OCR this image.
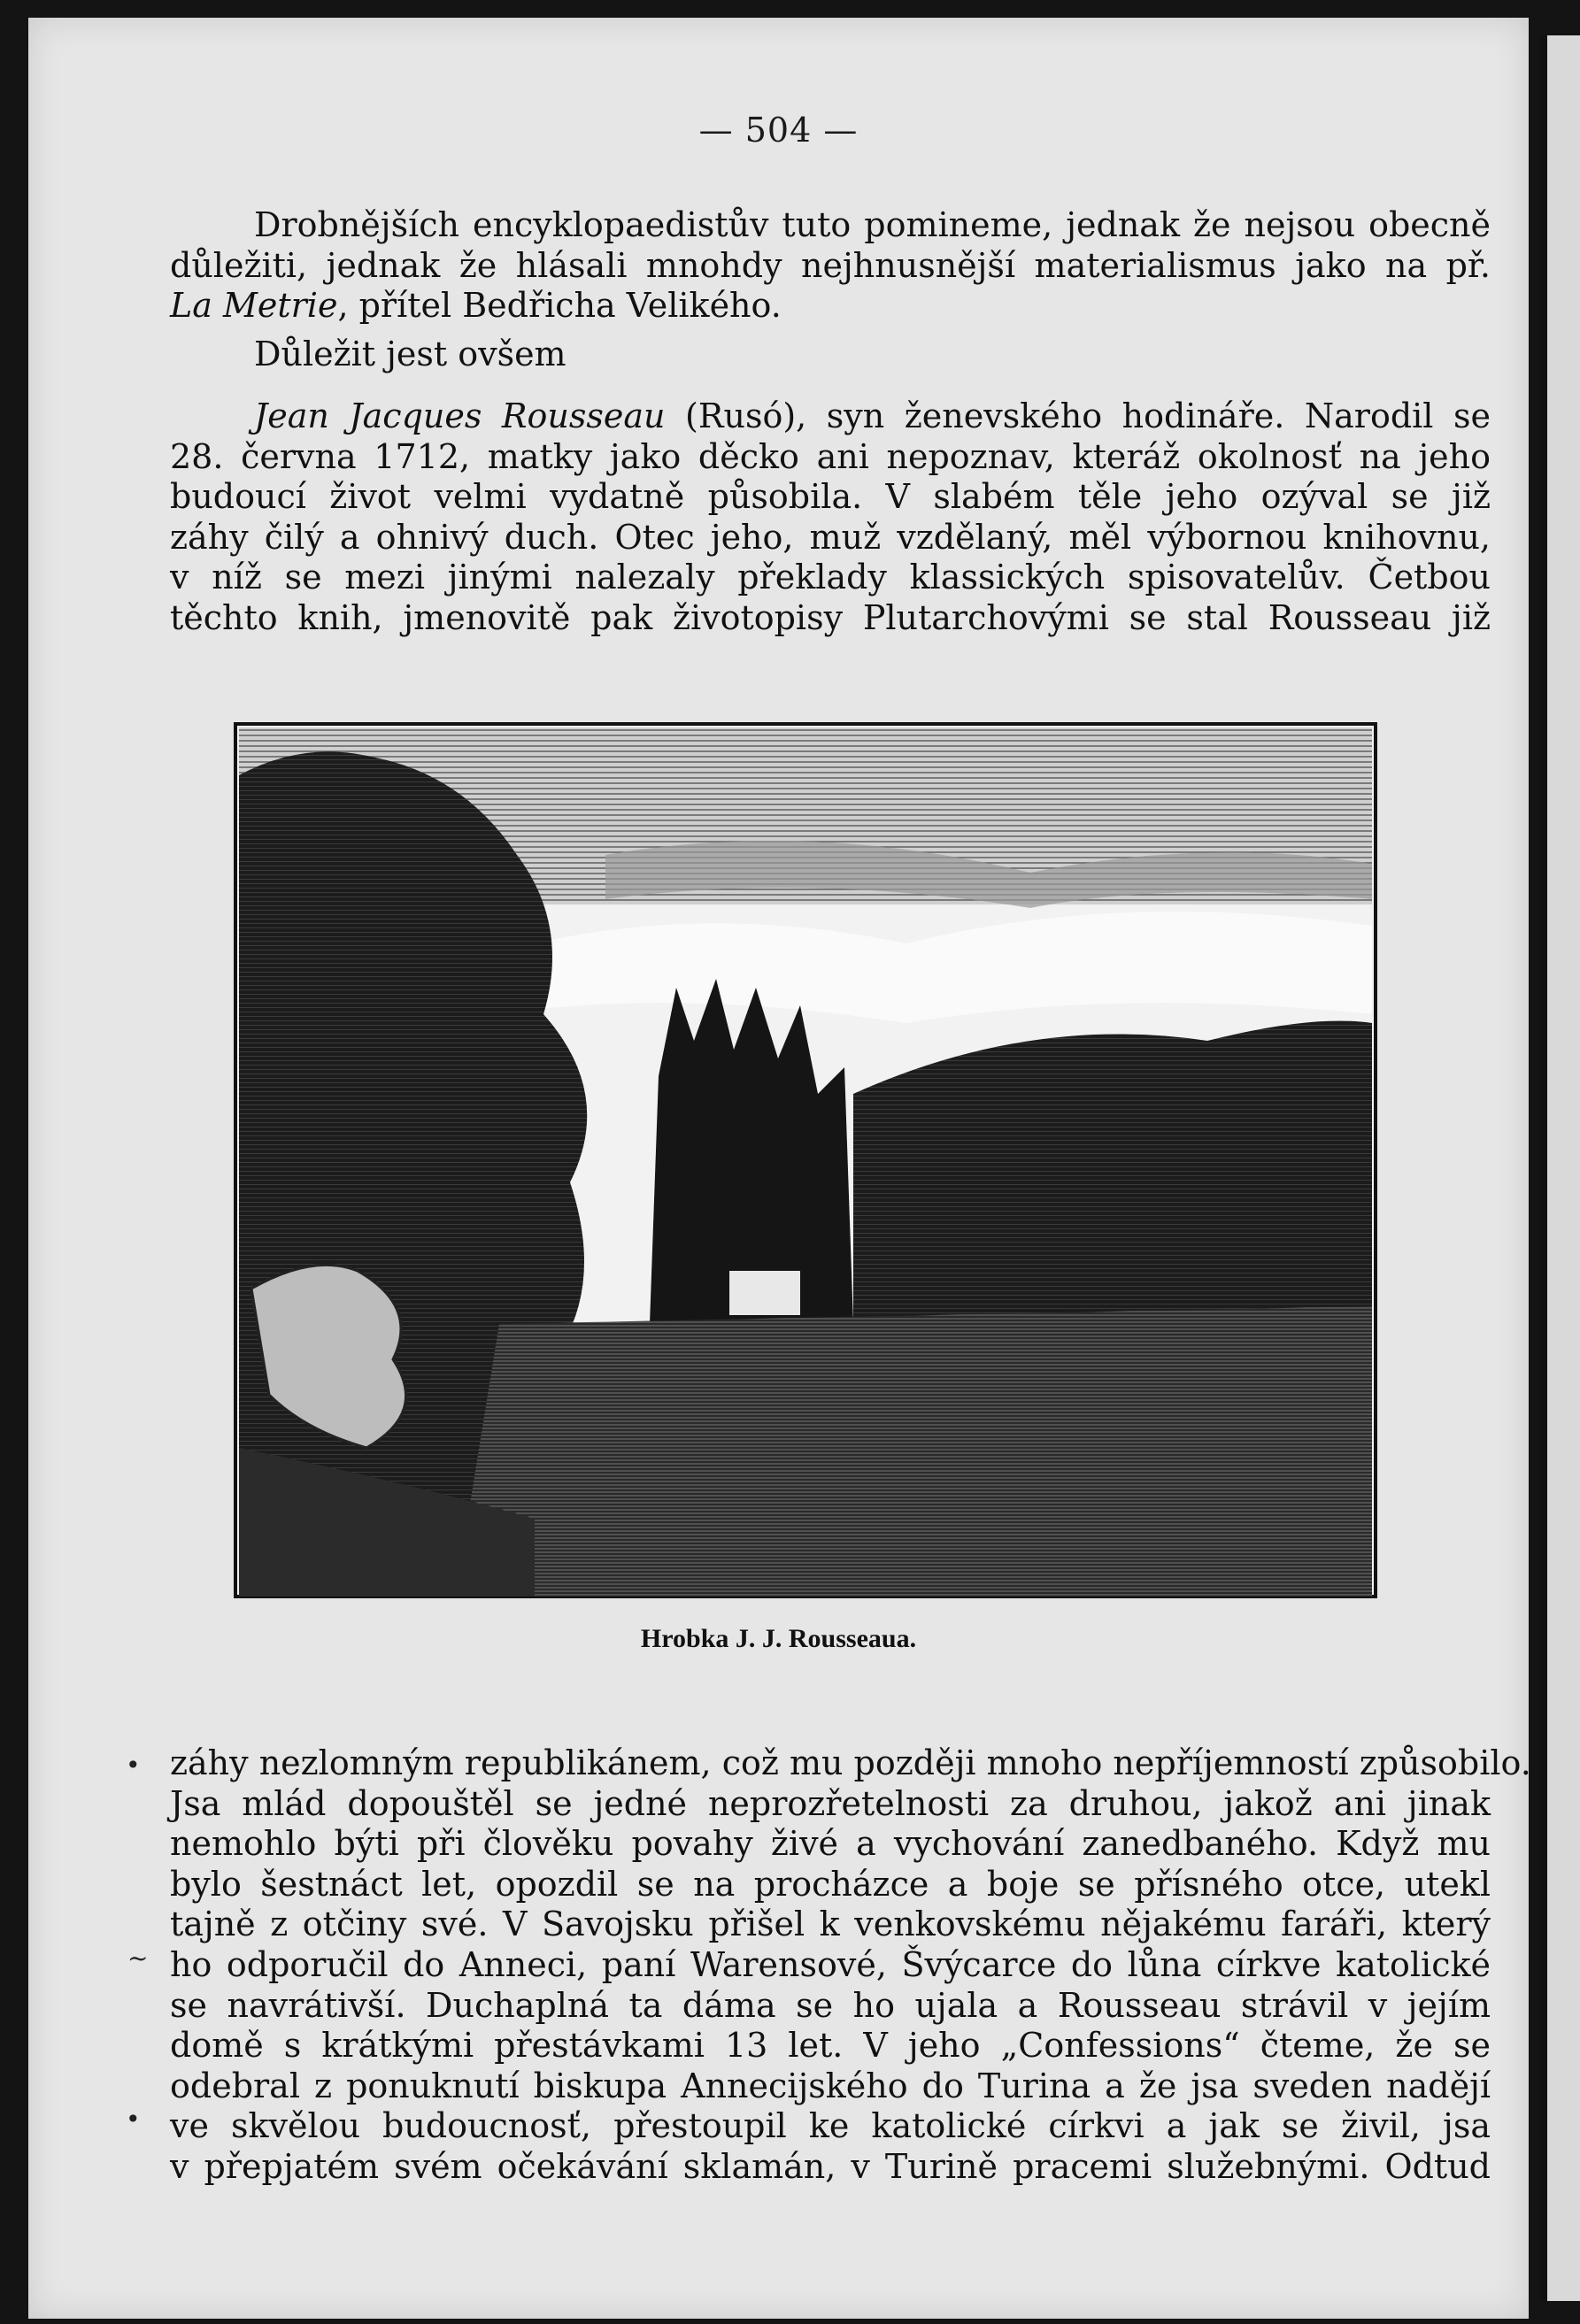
— 504 —
Drobnějších encyklopaedistův tuto pomineme, jednak že nejsou obecně
důležiti, jednak že hlásali mnohdy nejhnusnější materialismus jako na př.
La Metrie, přítel Bedřicha Velikého.
Důležit jest ovšem
Jean Jacques Rousseau (Rusó), syn ženevského hodináře. Narodil se
28. června 1712, matky jako děcko ani nepoznav, kteráž okolnosť na jeho
budoucí život velmi vydatně působila. V slabém těle jeho ozýval se již
záhy čilý a ohnivý duch. Otec jeho, muž vzdělaný, měl výbornou knihovnu,
v níž se mezi jinými nalezaly překlady klassických spisovatelův. Četbou
těchto knih, jmenovitě pak životopisy Plutarchovými se stal Rousseau již
Hrobka J. J. Rousseaua.
•
~
•
záhy nezlomným republikánem, což mu později mnoho nepříjemností způsobilo.
Jsa mlád dopouštěl se jedné neprozřetelnosti za druhou, jakož ani jinak
nemohlo býti při člověku povahy živé a vychování zanedbaného. Když mu
bylo šestnáct let, opozdil se na procházce a boje se přísného otce, utekl
tajně z otčiny své. V Savojsku přišel k venkovskému nějakému faráři, který
ho odporučil do Anneci, paní Warensové, Švýcarce do lůna církve katolické
se navrátivší. Duchaplná ta dáma se ho ujala a Rousseau strávil v jejím
domě s krátkými přestávkami 13 let. V jeho „Confessions“ čteme, že se
odebral z ponuknutí biskupa Annecijského do Turina a že jsa sveden nadějí
ve skvělou budoucnosť, přestoupil ke katolické církvi a jak se živil, jsa
v přepjatém svém očekávání sklamán, v Turině pracemi služebnými. Odtud
